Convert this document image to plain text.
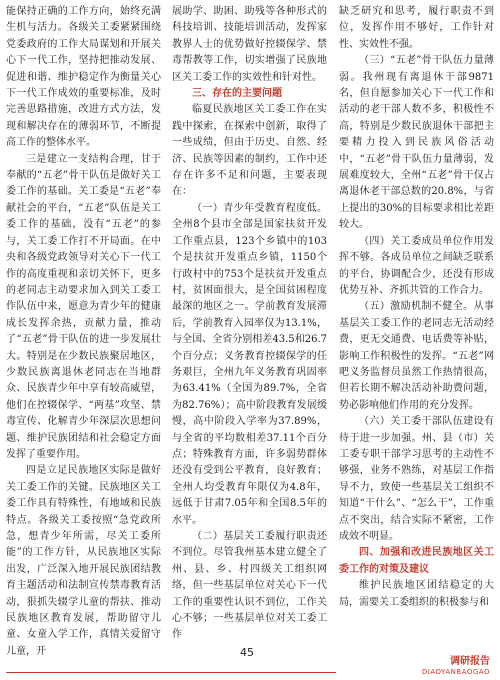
能保持正确的工作方向，始终充满生机与活力。各级关工委紧紧围绕党委政府的工作大局谋划和开展关心下一代工作，坚持把推动发展、促进和谐、维护稳定作为衡量关心下一代工作成效的重要标准，及时完善思路措施，改进方式方法，发现和解决存在的薄弱环节，不断提高工作的整体水平。

三是建立一支结构合理，甘于奉献的“五老”骨干队伍是做好关工委工作的基础。关工委是“五老”奉献社会的平台，“五老”队伍是关工委工作的基础，没有“五老”的参与，关工委工作打不开局面。在中央和各级党政领导对关心下一代工作的高度重视和亲切关怀下，更多的老同志主动要求加入到关工委工作队伍中来，愿意为青少年的健康成长发挥余热，贡献力量，推动了“五老”骨干队伍的进一步发展壮大。特别是在少数民族聚居地区，少数民族离退休老同志在当地群众、民族青少年中享有较高威望，他们在控辍保学、“两基”攻坚、禁毒宣传、化解青少年深层次思想问题、维护民族团结和社会稳定方面发挥了重要作用。

四是立足民族地区实际是做好关工委工作的关键。民族地区关工委工作具有特殊性，有地域和民族特点。各级关工委按照“急党政所急，想青少年所需，尽关工委所能”的工作方针，从民族地区实际出发，广泛深入地开展民族团结教育主题活动和法制宣传禁毒教育活动，狠抓失辍学儿童的帮扶、推动民族地区教育发展，帮助留守儿童、女童入学工作，真情关爱留守儿童，开

展助学、助困、助残等各种形式的科技培训、技能培训活动，发挥家教界人士的优势做好控辍保学、禁毒帮教等工作，切实增强了民族地区关工委工作的实效性和针对性。

三、存在的主要问题

临夏民族地区关工委工作在实践中探索，在探索中创新，取得了一些成绩，但由于历史、自然、经济、民族等因素的制约，工作中还存在许多不足和问题，主要表现在：

（一）青少年受教育程度低。全州8个县市全部是国家扶贫开发工作重点县，123个乡镇中的103个是扶贫开发重点乡镇，1150个行政村中的753个是扶贫开发重点村，贫困面很大，是全国贫困程度最深的地区之一。学前教育发展滞后，学前教育入园率仅为13.1%，与全国、全省分别相差43.5和26.7个百分点；义务教育控辍保学的任务艰巨，全州九年义务教育巩固率为63.41%（全国为89.7%，全省为82.76%）；高中阶段教育发展缓慢，高中阶段入学率为37.89%，与全省的平均数相差37.11个百分点；特殊教育方面，许多弱势群体还没有受到公平教育，良好教育；全州人均受教育年限仅为4.8年，远低于甘肃7.05年和全国8.5年的水平。

（二）基层关工委履行职责还不到位。尽管我州基本建立健全了州、县、乡、村四级关工组织网络，但一些基层单位对关心下一代工作的重要性认识不到位，工作关心不够；一些基层单位对关工委工作

缺乏研究和思考，履行职责不到位，发挥作用不够好，工作针对性、实效性不强。

（三）“五老”骨干队伍力量薄弱。我州现有离退休干部9871名，但自愿参加关心下一代工作和活动的老干部人数不多，积极性不高，特别是少数民族退休干部把主要精力投入到民族风俗活动中，“五老”骨干队伍力量薄弱，发展难度较大，全州“五老”骨干仅占离退休老干部总数的20.8%，与省上提出的30%的目标要求相比差距较大。

（四）关工委成员单位作用发挥不够。各成员单位之间缺乏联系的平台，协调配合少，还没有形成优势互补、齐抓共管的工作合力。

（五）激励机制不健全。从事基层关工委工作的老同志无活动经费，更无交通费、电话费等补贴，影响工作积极性的发挥。“五老”网吧义务监督员虽然工作热情很高，但若长期不解决活动补助费问题，势必影响他们作用的充分发挥。

（六）关工委干部队伍建设有待于进一步加强。州、县（市）关工委专职干部学习思考的主动性不够强，业务不熟练，对基层工作指导不力，致使一些基层关工组织不知道“干什么”、“怎么干”，工作重点不突出，结合实际不紧密，工作成效不明显。

四、加强和改进民族地区关工委工作的对策及建议

维护民族地区团结稳定的大局，需要关工委组织的积极参与和

45
调研报告
DIAOYANBAOGAO
